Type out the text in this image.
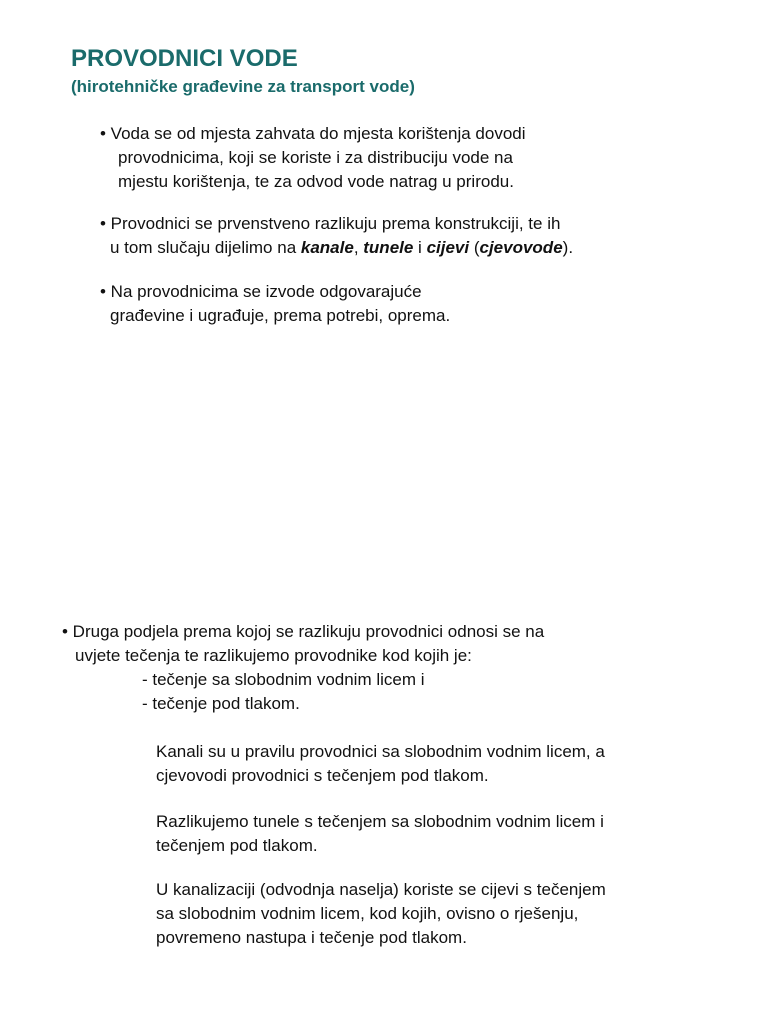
PROVODNICI VODE
(hirotehničke građevine za transport vode)
• Voda se od mjesta zahvata do mjesta korištenja dovodi
provodnicima, koji se koriste i za distribuciju vode na
mjestu korištenja, te za odvod vode natrag u prirodu.
• Provodnici se prvenstveno razlikuju prema konstrukciji, te ih
u tom slučaju dijelimo na kanale, tunele i cijevi (cjevovode).
• Na provodnicima se izvode odgovarajuće
građevine i ugrađuje, prema potrebi, oprema.
• Druga podjela prema kojoj se razlikuju provodnici odnosi se na
uvjete tečenja te razlikujemo provodnike kod kojih je:
- tečenje sa slobodnim vodnim licem i
- tečenje pod tlakom.
Kanali su u pravilu provodnici sa slobodnim vodnim licem, a
cjevovodi provodnici s tečenjem pod tlakom.
Razlikujemo tunele s tečenjem sa slobodnim vodnim licem i
tečenjem pod tlakom.
U kanalizaciji (odvodnja naselja) koriste se cijevi s tečenjem
sa slobodnim vodnim licem, kod kojih, ovisno o rješenju,
povremeno nastupa i tečenje pod tlakom.
